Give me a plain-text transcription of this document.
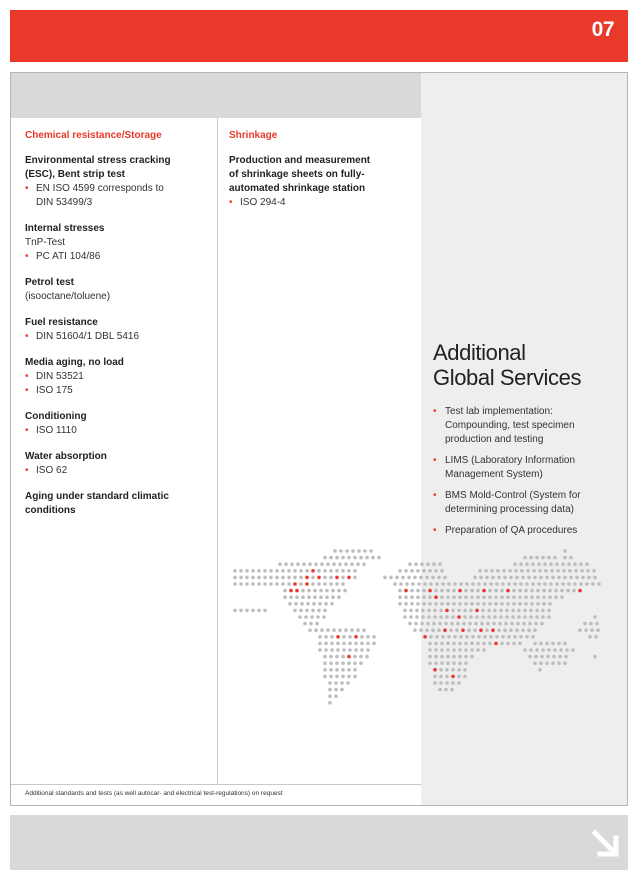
07
Chemical resistance/Storage
Environmental stress cracking
(ESC), Bent strip test
• EN ISO 4599 corresponds to
DIN 53499/3
Internal stresses
TnP-Test
• PC ATI 104/86
Petrol test
(isooctane/toluene)
Fuel resistance
• DIN 51604/1 DBL 5416
Media aging, no load
• DIN 53521
• ISO 175
Conditioning
• ISO 1110
Water absorption
• ISO 62
Aging under standard climatic
conditions
Shrinkage
Production and measurement
of shrinkage sheets on fully-
automated shrinkage station
• ISO 294-4
Additional
Global Services
• Test lab implementation:
Compounding, test specimen
production and testing
• LIMS (Laboratory Information
Management System)
• BMS Mold-Control (System for
determining processing data)
• Preparation of QA procedures
Additional standards and tests (as well autocar- and electrical test-regulations) on request
